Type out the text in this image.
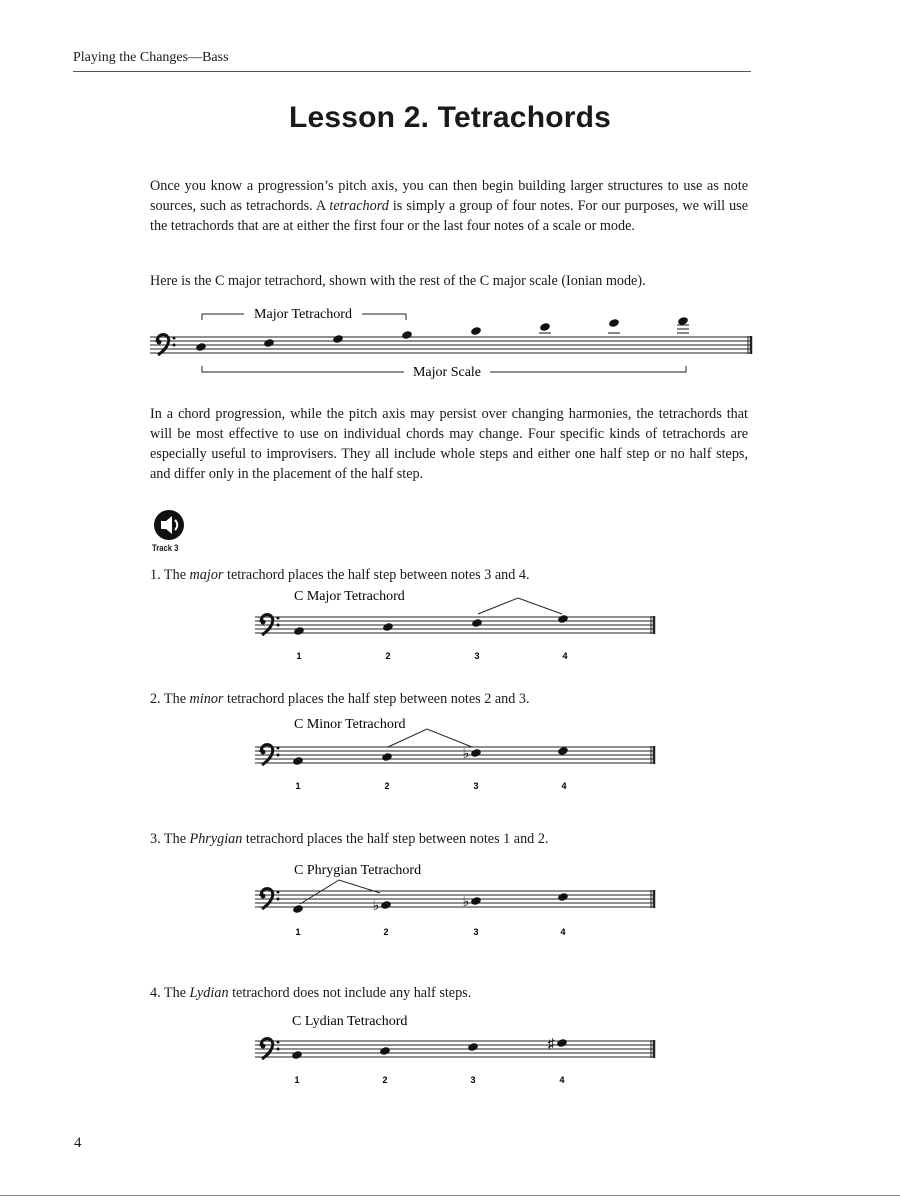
Playing the Changes—Bass
Lesson 2. Tetrachords
Once you know a progression’s pitch axis, you can then begin building larger structures to use as note sources, such as tetrachords. A tetrachord is simply a group of four notes. For our purposes, we will use the tetrachords that are at either the first four or the last four notes of a scale or mode.
Here is the C major tetrachord, shown with the rest of the C major scale (Ionian mode).
Major Tetrachord
Major Scale
In a chord progression, while the pitch axis may persist over changing harmonies, the tetrachords that will be most effective to use on individual chords may change. Four specific kinds of tetrachords are especially useful to improvisers. They all include whole steps and either one half step or no half steps, and differ only in the placement of the half step.
Track 3
1. The major tetrachord places the half step between notes 3 and 4.
2. The minor tetrachord places the half step between notes 2 and 3.
3. The Phrygian tetrachord places the half step between notes 1 and 2.
4. The Lydian tetrachord does not include any half steps.
C Major Tetrachord
1	2	3	4
C Minor Tetrachord
♭
1	2	3	4
C Phrygian Tetrachord
♭	♭
1	2	3	4
C Lydian Tetrachord
♯
1	2	3	4
4
